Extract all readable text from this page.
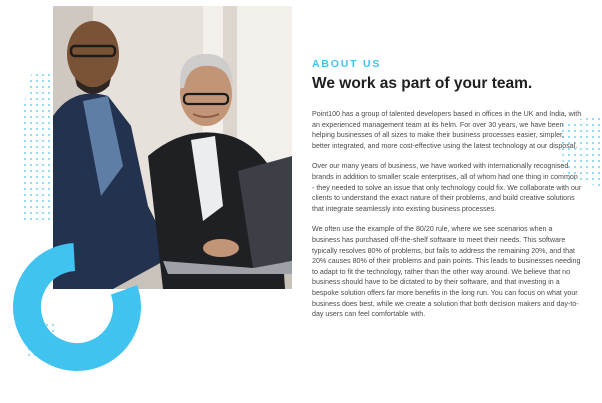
ABOUT US

We work as part of your team.

Point100 has a group of talented developers based in offices in the UK and India, with an experienced management team at its helm. For over 30 years, we have been helping businesses of all sizes to make their business processes easier, simpler, better integrated, and more cost-effective using the latest technology at our disposal.

Over our many years of business, we have worked with internationally recognised brands in addition to smaller scale enterprises, all of whom had one thing in common - they needed to solve an issue that only technology could fix. We collaborate with our clients to understand the exact nature of their problems, and build creative solutions that integrate seamlessly into existing business processes.

We often use the example of the 80/20 rule, where we see scenarios when a business has purchased off-the-shelf software to meet their needs. This software typically resolves 80% of problems, but fails to address the remaining 20%, and that 20% causes 80% of their problems and pain points. This leads to businesses needing to adapt to fit the technology, rather than the other way around. We believe that no business should have to be dictated to by their software, and that investing in a bespoke solution offers far more benefits in the long run. You can focus on what your business does best, while we create a solution that both decision makers and day-to-day users can feel comfortable with.
